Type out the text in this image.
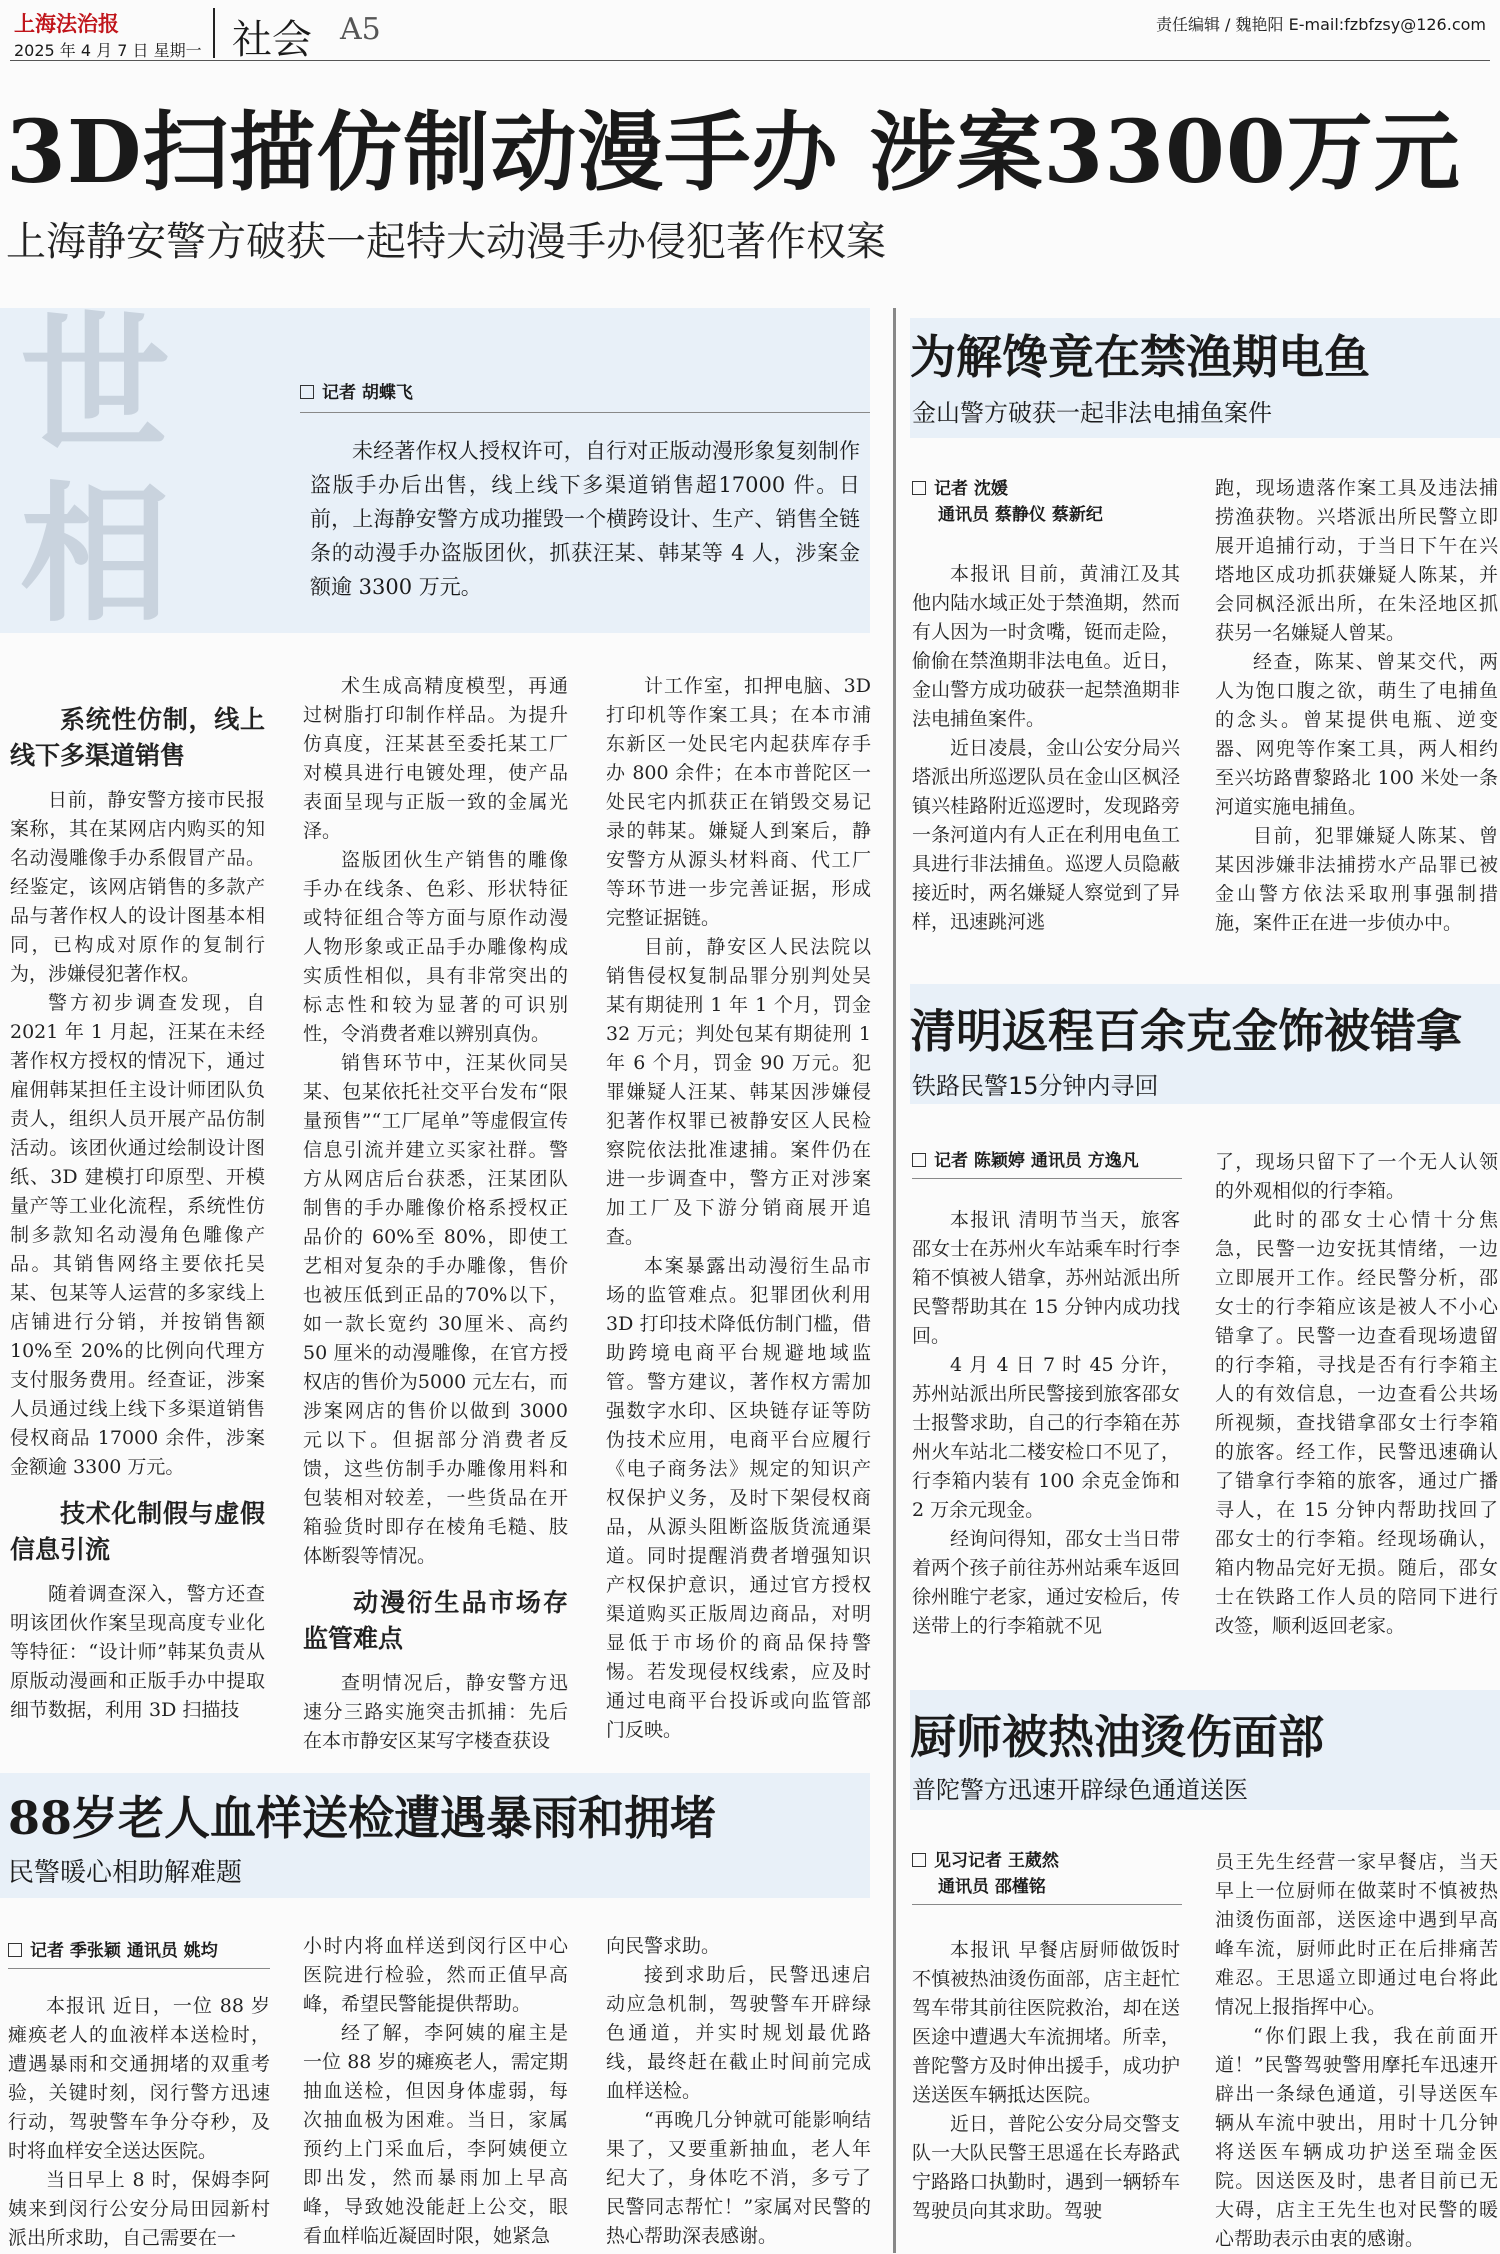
上海法治报
2025 年 4 月 7 日 星期一 社会 A5	责任编辑 / 魏艳阳 E-mail:fzbfzsy@126.com
3D扫描仿制动漫手办 涉案3300万元
上海静安警方破获一起特大动漫手办侵犯著作权案
世相
记者 胡蝶飞
未经著作权人授权许可，自行对正版动漫形象复刻制作盗版手办后出售，线上线下多渠道销售超17000 件。日前，上海静安警方成功摧毁一个横跨设计、生产、销售全链条的动漫手办盗版团伙，抓获汪某、韩某等 4 人，涉案金额逾 3300 万元。
系统性仿制，线上线下多渠道销售

日前，静安警方接市民报案称，其在某网店内购买的知名动漫雕像手办系假冒产品。经鉴定，该网店销售的多款产品与著作权人的设计图基本相同，已构成对原作的复制行为，涉嫌侵犯著作权。

警方初步调查发现，自2021 年 1 月起，汪某在未经著作权方授权的情况下，通过雇佣韩某担任主设计师团队负责人，组织人员开展产品仿制活动。该团伙通过绘制设计图纸、3D 建模打印原型、开模量产等工业化流程，系统性仿制多款知名动漫角色雕像产品。其销售网络主要依托吴某、包某等人运营的多家线上店铺进行分销，并按销售额10%至 20%的比例向代理方支付服务费用。经查证，涉案人员通过线上线下多渠道销售侵权商品 17000 余件，涉案金额逾 3300 万元。

技术化制假与虚假信息引流

随着调查深入，警方还查明该团伙作案呈现高度专业化等特征：“设计师”韩某负责从原版动漫画和正版手办中提取细节数据，利用 3D 扫描技

术生成高精度模型，再通过树脂打印制作样品。为提升仿真度，汪某甚至委托某工厂对模具进行电镀处理，使产品表面呈现与正版一致的金属光泽。

盗版团伙生产销售的雕像手办在线条、色彩、形状特征或特征组合等方面与原作动漫人物形象或正品手办雕像构成实质性相似，具有非常突出的标志性和较为显著的可识别性，令消费者难以辨别真伪。

销售环节中，汪某伙同吴某、包某依托社交平台发布“限量预售”“工厂尾单”等虚假宣传信息引流并建立买家社群。警方从网店后台获悉，汪某团队制售的手办雕像价格系授权正品价的 60%至 80%，即使工艺相对复杂的手办雕像，售价也被压低到正品的70%以下，如一款长宽约 30厘米、高约 50 厘米的动漫雕像，在官方授权店的售价为5000 元左右，而涉案网店的售价以做到 3000 元以下。但据部分消费者反馈，这些仿制手办雕像用料和包装相对较差，一些货品在开箱验货时即存在棱角毛糙、肢体断裂等情况。

动漫衍生品市场存监管难点

查明情况后，静安警方迅速分三路实施突击抓捕：先后在本市静安区某写字楼查获设

计工作室，扣押电脑、3D 打印机等作案工具；在本市浦东新区一处民宅内起获库存手办 800 余件；在本市普陀区一处民宅内抓获正在销毁交易记录的韩某。嫌疑人到案后，静安警方从源头材料商、代工厂等环节进一步完善证据，形成完整证据链。

目前，静安区人民法院以销售侵权复制品罪分别判处吴某有期徒刑 1 年 1 个月，罚金 32 万元；判处包某有期徒刑 1年 6 个月，罚金 90 万元。犯罪嫌疑人汪某、韩某因涉嫌侵犯著作权罪已被静安区人民检察院依法批准逮捕。案件仍在进一步调查中，警方正对涉案加工厂及下游分销商展开追查。

本案暴露出动漫衍生品市场的监管难点。犯罪团伙利用3D 打印技术降低仿制门槛，借助跨境电商平台规避地域监管。警方建议，著作权方需加强数字水印、区块链存证等防伪技术应用，电商平台应履行《电子商务法》规定的知识产权保护义务，及时下架侵权商品，从源头阻断盗版货流通渠道。同时提醒消费者增强知识产权保护意识，通过官方授权渠道购买正版周边商品，对明显低于市场价的商品保持警惕。若发现侵权线索，应及时通过电商平台投诉或向监管部门反映。

为解馋竟在禁渔期电鱼
金山警方破获一起非法电捕鱼案件
记者 沈媛
通讯员 蔡静仪 蔡新纪

本报讯 目前，黄浦江及其他内陆水域正处于禁渔期，然而有人因为一时贪嘴，铤而走险，偷偷在禁渔期非法电鱼。近日，金山警方成功破获一起禁渔期非法电捕鱼案件。

近日凌晨，金山公安分局兴塔派出所巡逻队员在金山区枫泾镇兴桂路附近巡逻时，发现路旁一条河道内有人正在利用电鱼工具进行非法捕鱼。巡逻人员隐蔽接近时，两名嫌疑人察觉到了异样，迅速跳河逃

跑，现场遗落作案工具及违法捕捞渔获物。兴塔派出所民警立即展开追捕行动，于当日下午在兴塔地区成功抓获嫌疑人陈某，并会同枫泾派出所，在朱泾地区抓获另一名嫌疑人曾某。

经查，陈某、曾某交代，两人为饱口腹之欲，萌生了电捕鱼的念头。曾某提供电瓶、逆变器、网兜等作案工具，两人相约至兴坊路曹黎路北 100 米处一条河道实施电捕鱼。

目前，犯罪嫌疑人陈某、曾某因涉嫌非法捕捞水产品罪已被金山警方依法采取刑事强制措施，案件正在进一步侦办中。

清明返程百余克金饰被错拿
铁路民警15分钟内寻回
记者 陈颖婷 通讯员 方逸凡

本报讯 清明节当天，旅客邵女士在苏州火车站乘车时行李箱不慎被人错拿，苏州站派出所民警帮助其在 15 分钟内成功找回。

4 月 4 日 7 时 45 分许，苏州站派出所民警接到旅客邵女士报警求助，自己的行李箱在苏州火车站北二楼安检口不见了，行李箱内装有 100 余克金饰和 2 万余元现金。

经询问得知，邵女士当日带着两个孩子前往苏州站乘车返回徐州睢宁老家，通过安检后，传送带上的行李箱就不见

了，现场只留下了一个无人认领的外观相似的行李箱。

此时的邵女士心情十分焦急，民警一边安抚其情绪，一边立即展开工作。经民警分析，邵女士的行李箱应该是被人不小心错拿了。民警一边查看现场遗留的行李箱，寻找是否有行李箱主人的有效信息，一边查看公共场所视频，查找错拿邵女士行李箱的旅客。经工作，民警迅速确认了错拿行李箱的旅客，通过广播寻人，在 15 分钟内帮助找回了邵女士的行李箱。经现场确认，箱内物品完好无损。随后，邵女士在铁路工作人员的陪同下进行改签，顺利返回老家。

厨师被热油烫伤面部
普陀警方迅速开辟绿色通道送医
见习记者 王葳然
通讯员 邵槿铭

本报讯 早餐店厨师做饭时不慎被热油烫伤面部，店主赶忙驾车带其前往医院救治，却在送医途中遭遇大车流拥堵。所幸，普陀警方及时伸出援手，成功护送送医车辆抵达医院。

近日，普陀公安分局交警支队一大队民警王思遥在长寿路武宁路路口执勤时，遇到一辆轿车驾驶员向其求助。驾驶

员王先生经营一家早餐店，当天早上一位厨师在做菜时不慎被热油烫伤面部，送医途中遇到早高峰车流，厨师此时正在后排痛苦难忍。王思遥立即通过电台将此情况上报指挥中心。

“你们跟上我，我在前面开道！”民警驾驶警用摩托车迅速开辟出一条绿色通道，引导送医车辆从车流中驶出，用时十几分钟将送医车辆成功护送至瑞金医院。因送医及时，患者目前已无大碍，店主王先生也对民警的暖心帮助表示由衷的感谢。

88岁老人血样送检遭遇暴雨和拥堵
民警暖心相助解难题
记者 季张颖 通讯员 姚均

本报讯 近日，一位 88 岁瘫痪老人的血液样本送检时，遭遇暴雨和交通拥堵的双重考验，关键时刻，闵行警方迅速行动，驾驶警车争分夺秒，及时将血样安全送达医院。

当日早上 8 时，保姆李阿姨来到闵行公安分局田园新村派出所求助，自己需要在一

小时内将血样送到闵行区中心医院进行检验，然而正值早高峰，希望民警能提供帮助。

经了解，李阿姨的雇主是一位 88 岁的瘫痪老人，需定期抽血送检，但因身体虚弱，每次抽血极为困难。当日，家属预约上门采血后，李阿姨便立即出发，然而暴雨加上早高峰，导致她没能赶上公交，眼看血样临近凝固时限，她紧急

向民警求助。

接到求助后，民警迅速启动应急机制，驾驶警车开辟绿色通道，并实时规划最优路线，最终赶在截止时间前完成血样送检。

“再晚几分钟就可能影响结果了，又要重新抽血，老人年纪大了，身体吃不消，多亏了民警同志帮忙！”家属对民警的热心帮助深表感谢。
